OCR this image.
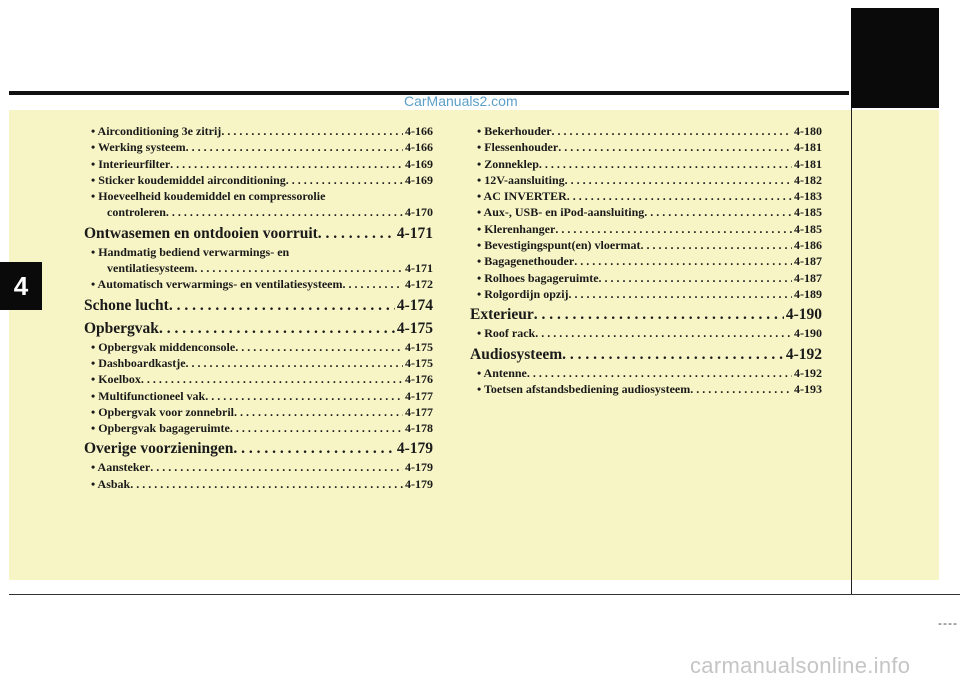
4
CarManuals2.com
carmanualsonline.info
----
• Airconditioning 3e zitrij . . .	4-166
• Werking systeem . . .	4-166
• Interieurfilter . . .	4-169
• Sticker koudemiddel airconditioning . . .	4-169
• Hoeveelheid koudemiddel en compressorolie
controleren . . .	4-170
Ontwasemen en ontdooien voorruit . . .	4-171
• Handmatig bediend verwarmings- en
ventilatiesysteem . . .	4-171
• Automatisch verwarmings- en ventilatiesysteem . . .	4-172
Schone lucht . . .	4-174
Opbergvak . . .	4-175
• Opbergvak middenconsole . . .	4-175
• Dashboardkastje . . .	4-175
• Koelbox . . .	4-176
• Multifunctioneel vak . . .	4-177
• Opbergvak voor zonnebril . . .	4-177
• Opbergvak bagageruimte . . .	4-178
Overige voorzieningen . . .	4-179
• Aansteker . . .	4-179
• Asbak . . .	4-179
• Bekerhouder . . .	4-180
• Flessenhouder . . .	4-181
• Zonneklep . . .	4-181
• 12V-aansluiting . . .	4-182
• AC INVERTER . . .	4-183
• Aux-, USB- en iPod-aansluiting . . .	4-185
• Klerenhanger . . .	4-185
• Bevestigingspunt(en) vloermat . . .	4-186
• Bagagenethouder . . .	4-187
• Rolhoes bagageruimte . . .	4-187
• Rolgordijn opzij . . .	4-189
Exterieur . . .	4-190
• Roof rack . . .	4-190
Audiosysteem . . .	4-192
• Antenne . . .	4-192
• Toetsen afstandsbediening audiosysteem . . .	4-193
